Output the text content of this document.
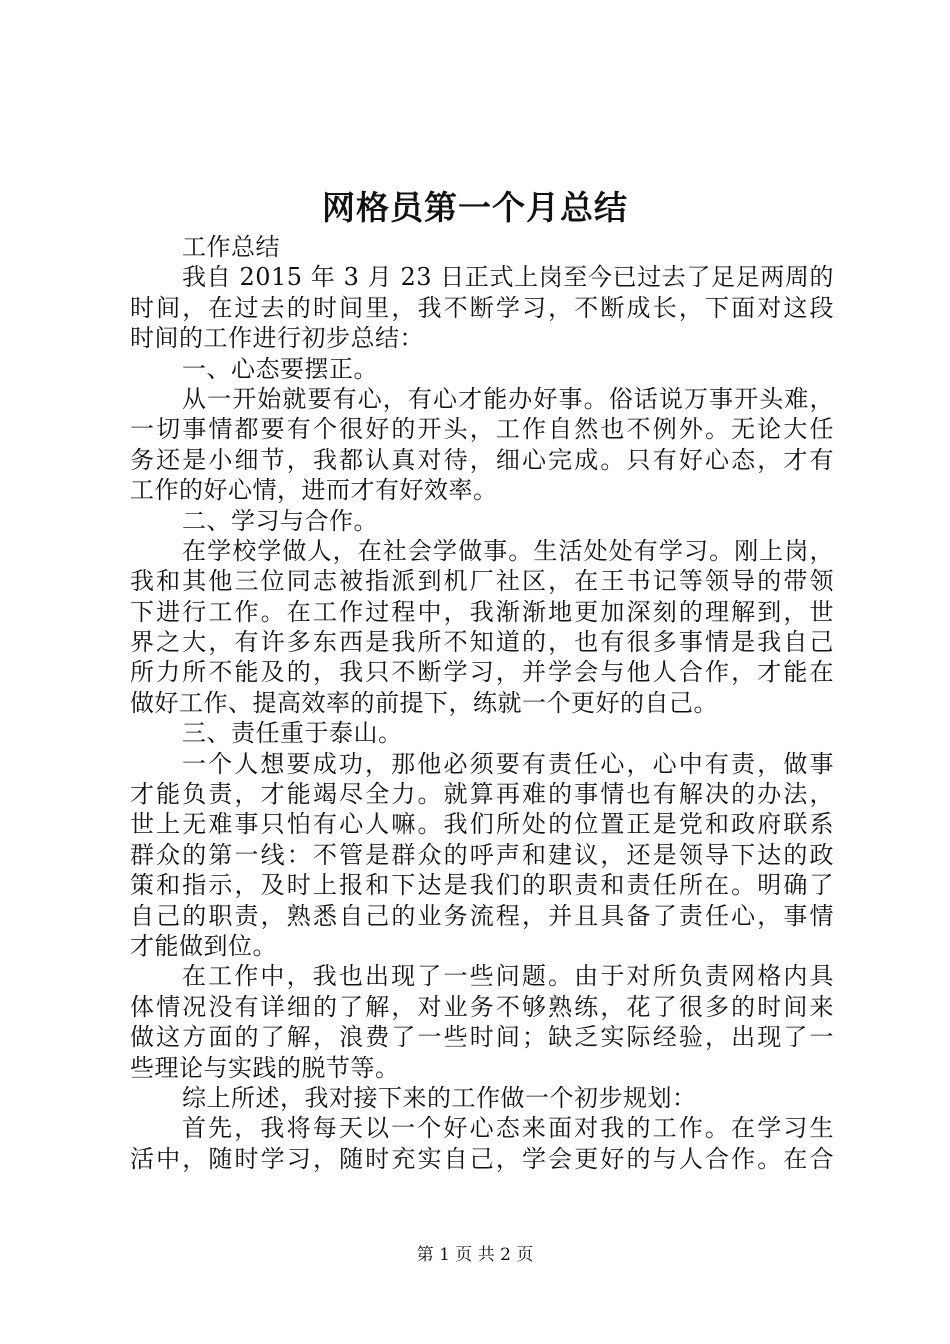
网格员第一个月总结
工作总结
我自 2015 年 3 月 23 日正式上岗至今已过去了足足两周的
时间，在过去的时间里，我不断学习，不断成长，下面对这段
时间的工作进行初步总结：
一、心态要摆正。
从一开始就要有心，有心才能办好事。俗话说万事开头难，
一切事情都要有个很好的开头，工作自然也不例外。无论大任
务还是小细节，我都认真对待，细心完成。只有好心态，才有
工作的好心情，进而才有好效率。
二、学习与合作。
在学校学做人，在社会学做事。生活处处有学习。刚上岗，
我和其他三位同志被指派到机厂社区，在王书记等领导的带领
下进行工作。在工作过程中，我渐渐地更加深刻的理解到，世
界之大，有许多东西是我所不知道的，也有很多事情是我自己
所力所不能及的，我只不断学习，并学会与他人合作，才能在
做好工作、提高效率的前提下，练就一个更好的自己。
三、责任重于泰山。
一个人想要成功，那他必须要有责任心，心中有责，做事
才能负责，才能竭尽全力。就算再难的事情也有解决的办法，
世上无难事只怕有心人嘛。我们所处的位置正是党和政府联系
群众的第一线：不管是群众的呼声和建议，还是领导下达的政
策和指示，及时上报和下达是我们的职责和责任所在。明确了
自己的职责，熟悉自己的业务流程，并且具备了责任心，事情
才能做到位。
在工作中，我也出现了一些问题。由于对所负责网格内具
体情况没有详细的了解，对业务不够熟练，花了很多的时间来
做这方面的了解，浪费了一些时间；缺乏实际经验，出现了一
些理论与实践的脱节等。
综上所述，我对接下来的工作做一个初步规划：
首先，我将每天以一个好心态来面对我的工作。在学习生
活中，随时学习，随时充实自己，学会更好的与人合作。在合
第 1 页 共 2 页
